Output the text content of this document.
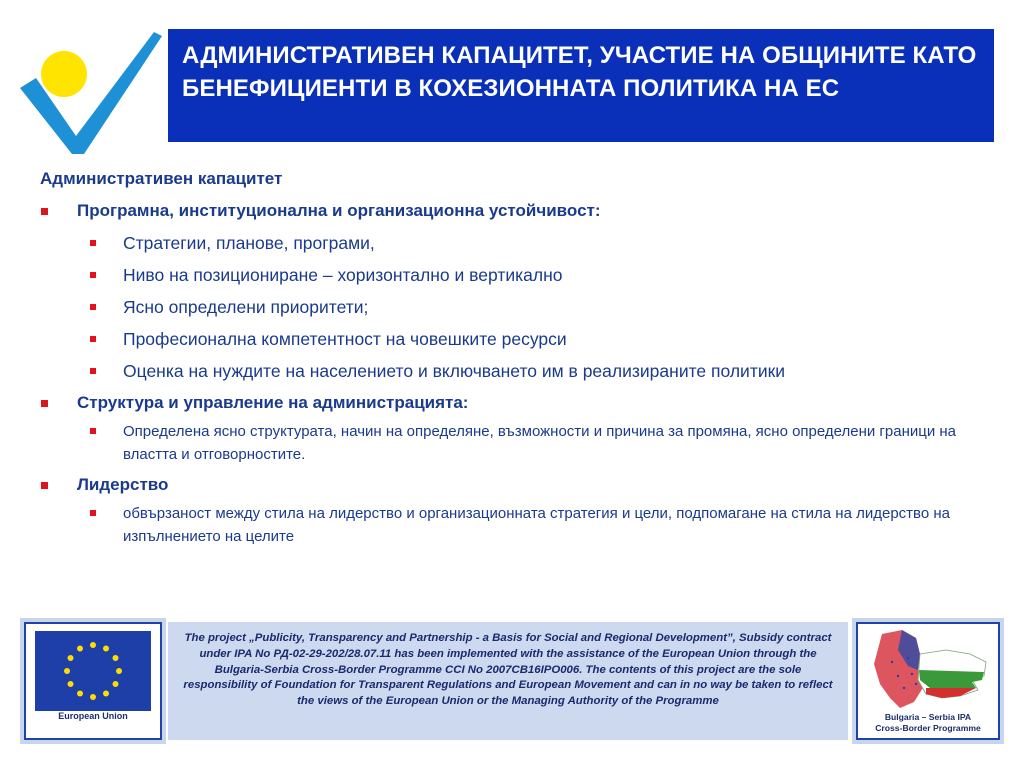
АДМИНИСТРАТИВЕН КАПАЦИТЕТ, УЧАСТИЕ НА ОБЩИНИТЕ КАТО БЕНЕФИЦИЕНТИ В КОХЕЗИОННАТА ПОЛИТИКА НА ЕС
Административен капацитет
Програмна, институционална и организационна устойчивост:
Стратегии, планове, програми,
Ниво на позициониране – хоризонтално и вертикално
Ясно определени приоритети;
Професионална компетентност на човешките ресурси
Оценка на нуждите на населението и включването им в реализираните политики
Структура и управление на администрацията:
Определена ясно структурата, начин на определяне, възможности и причина за промяна, ясно определени граници на властта и отговорностите.
Лидерство
обвързаност между стила на лидерство и организационната стратегия и цели, подпомагане на стила на лидерство на изпълнението на целите
European Union
The project „Publicity, Transparency and Partnership - a Basis for Social and Regional Development”, Subsidy contract under IPA No РД-02-29-202/28.07.11 has been implemented with the assistance of the European Union through the Bulgaria-Serbia Cross-Border Programme CCI No 2007CB16IPO006. The contents of this project are the sole responsibility of Foundation for Transparent Regulations and European Movement and can in no way be taken to reflect the views of the European Union or the Managing Authority of the Programme
Bulgaria – Serbia IPA
Cross-Border Programme
